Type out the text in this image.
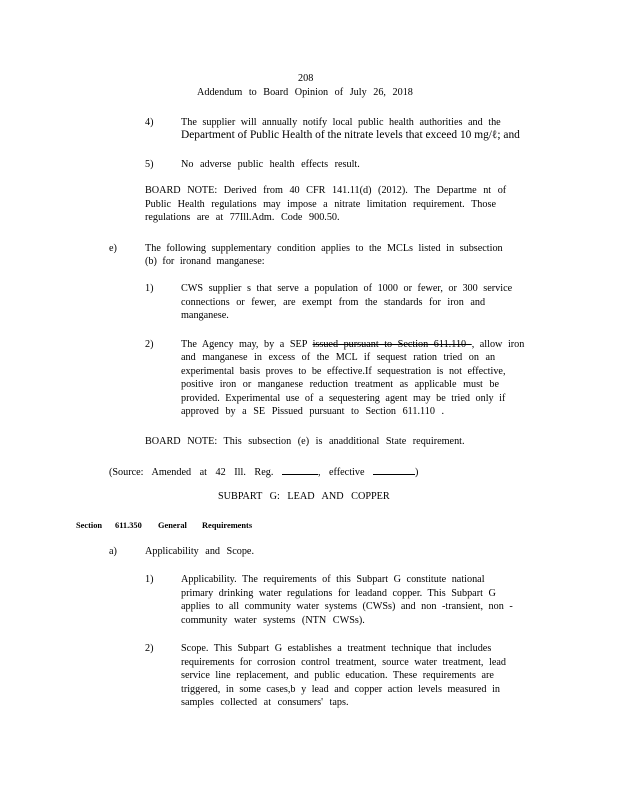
208
Addendum to Board Opinion of July 26, 2018
4)	The supplier will annually notify local public health authorities and the
Department of Public Health of the nitrate levels that exceed 10 mg/ℓ; and
5)	No adverse public health effects result.
BOARD NOTE: Derived from 40 CFR 141.11(d) (2012). The Departme nt of
Public Health regulations may impose a nitrate limitation requirement. Those
regulations are at 77Ill.Adm. Code 900.50.
e)	The following supplementary condition applies to the MCLs listed in subsection
(b) for ironand manganese:
1)	CWS supplier s that serve a population of 1000 or fewer, or 300 service
connections or fewer, are exempt from the standards for iron and
manganese.
2)	The Agency may, by a SEP issued pursuant to Section 611.110 , allow iron
and manganese in excess of the MCL if sequest ration tried on an
experimental basis proves to be effective.If sequestration is not effective,
positive iron or manganese reduction treatment as applicable must be
provided. Experimental use of a sequestering agent may be tried only if
approved by a SE Pissued pursuant to Section 611.110 .
BOARD NOTE: This subsection (e) is anadditional State requirement.
(Source: Amended at 42 Ill. Reg.	, effective	)
SUBPART G: LEAD AND COPPER
Section 611.350 General Requirements
a)	Applicability and Scope.
1)	Applicability. The requirements of this Subpart G constitute national
primary drinking water regulations for leadand copper. This Subpart G
applies to all community water systems (CWSs) and non -transient, non -
community water systems (NTN CWSs).
2)	Scope. This Subpart G establishes a treatment technique that includes
requirements for corrosion control treatment, source water treatment, lead
service line replacement, and public education. These requirements are
triggered, in some cases,b y lead and copper action levels measured in
samples collected at consumers' taps.
